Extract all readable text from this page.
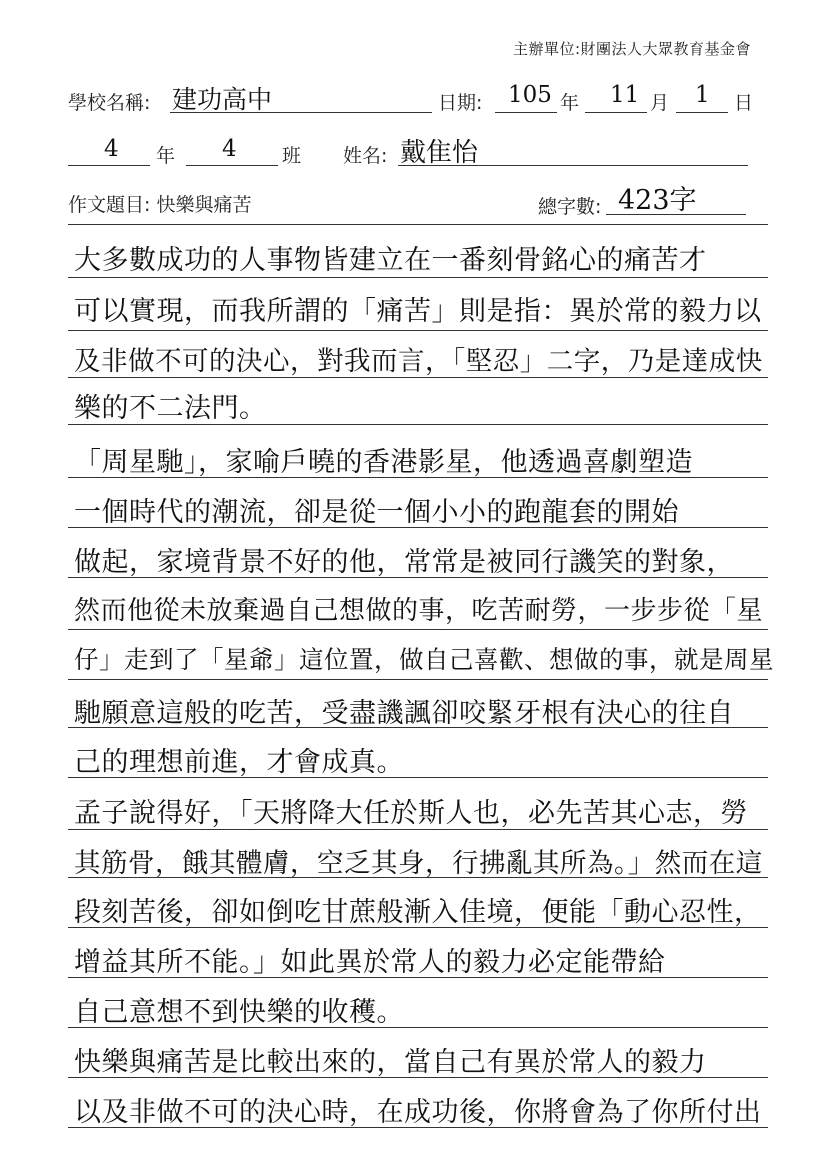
主辦單位:財團法人大眾教育基金會
學校名稱: 建功高中	日期: 105 年 11 月 1 日
4 年 4 班 姓名: 戴隹怡
作文題目: 快樂與痛苦	總字數: 423字
大多數成功的人事物皆建立在一番刻骨銘心的痛苦才
可以實現，而我所謂的「痛苦」則是指：異於常的毅力以
及非做不可的決心，對我而言，「堅忍」二字，乃是達成快
樂的不二法門。
「周星馳」，家喻戶曉的香港影星，他透過喜劇塑造
一個時代的潮流，卻是從一個小小的跑龍套的開始
做起，家境背景不好的他，常常是被同行譏笑的對象，
然而他從未放棄過自己想做的事，吃苦耐勞，一步步從「星
仔」走到了「星爺」這位置，做自己喜歡、想做的事，就是周星
馳願意這般的吃苦，受盡譏諷卻咬緊牙根有決心的往自
己的理想前進，才會成真。
孟子說得好，「天將降大任於斯人也，必先苦其心志，勞
其筋骨，餓其體膚，空乏其身，行拂亂其所為。」然而在這
段刻苦後，卻如倒吃甘蔗般漸入佳境，便能「動心忍性，
增益其所不能。」如此異於常人的毅力必定能帶給
自己意想不到快樂的收穫。
快樂與痛苦是比較出來的，當自己有異於常人的毅力
以及非做不可的決心時，在成功後，你將會為了你所付出
